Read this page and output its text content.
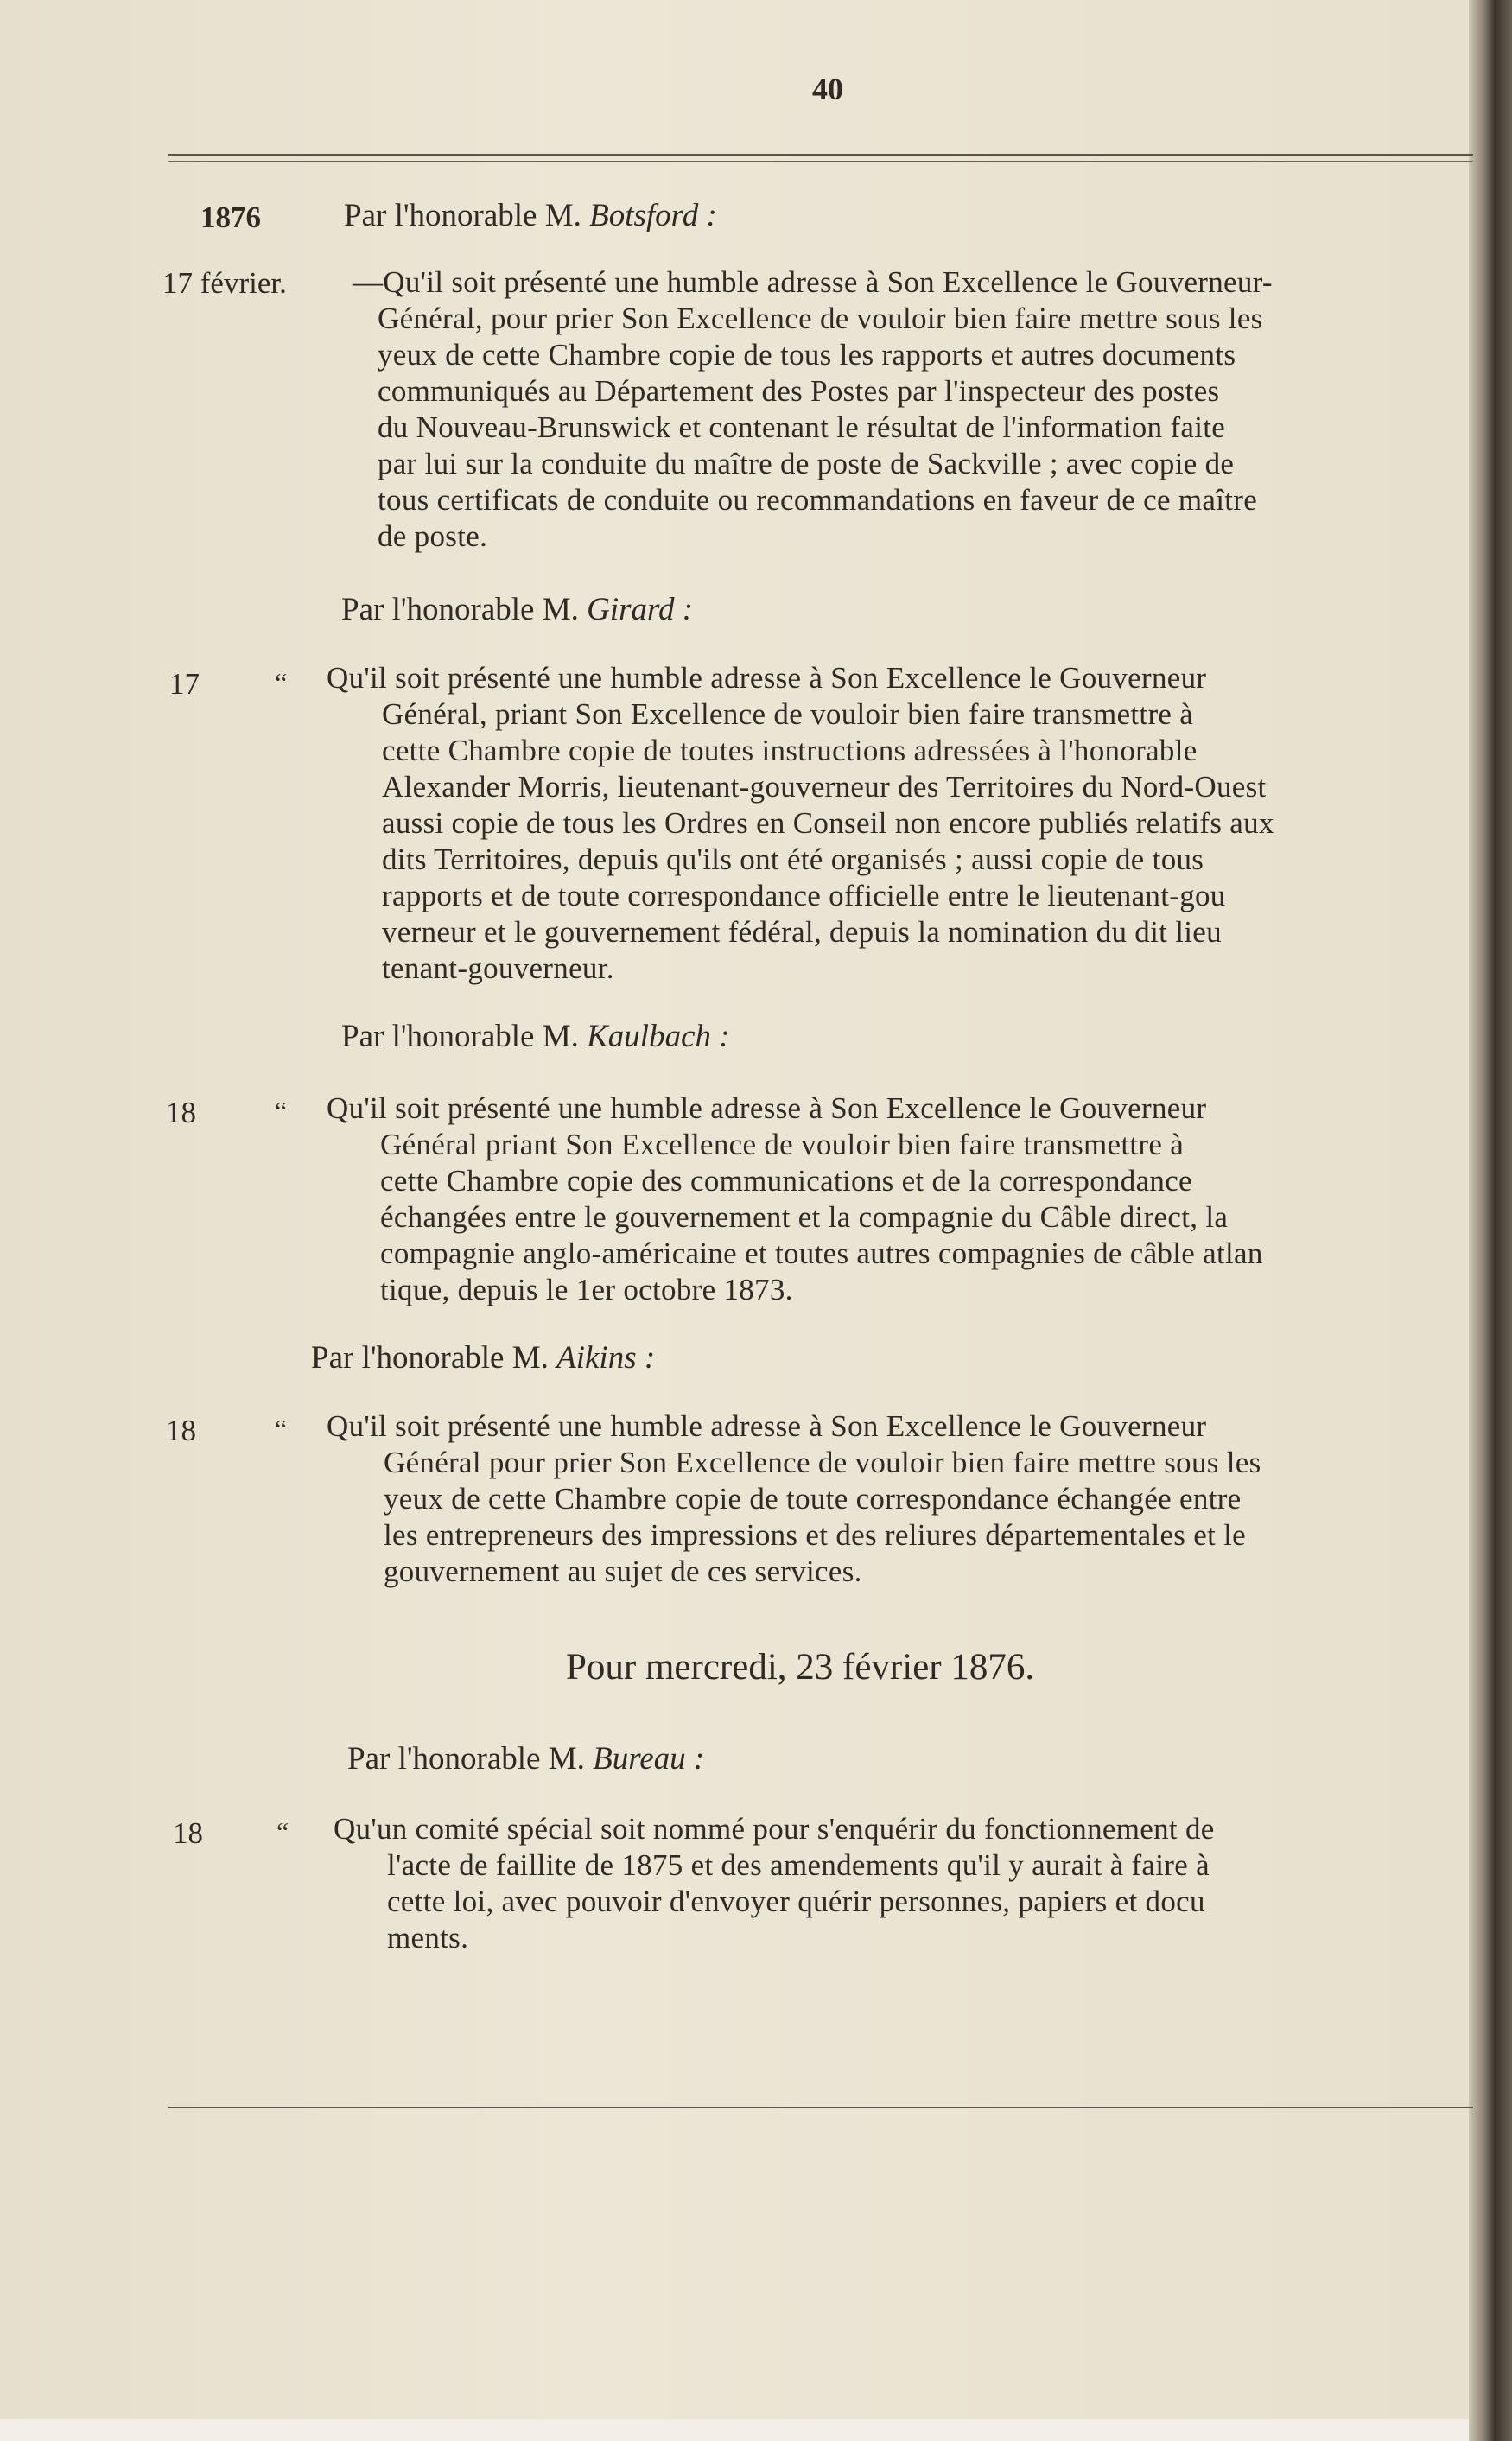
40
1876	Par l'honorable M. Botsford :
17 février. —Qu'il soit présenté une humble adresse à Son Excellence le Gouverneur-
Général, pour prier Son Excellence de vouloir bien faire mettre sous les
yeux de cette Chambre copie de tous les rapports et autres documents
communiqués au Département des Postes par l'inspecteur des postes
du Nouveau-Brunswick et contenant le résultat de l'information faite
par lui sur la conduite du maître de poste de Sackville ; avec copie de
tous certificats de conduite ou recommandations en faveur de ce maître
de poste.
Par l'honorable M. Girard :
17	“ Qu'il soit présenté une humble adresse à Son Excellence le Gouverneur
Général, priant Son Excellence de vouloir bien faire transmettre à
cette Chambre copie de toutes instructions adressées à l'honorable
Alexander Morris, lieutenant-gouverneur des Territoires du Nord-Ouest
aussi copie de tous les Ordres en Conseil non encore publiés relatifs aux
dits Territoires, depuis qu'ils ont été organisés ; aussi copie de tous
rapports et de toute correspondance officielle entre le lieutenant-gou
verneur et le gouvernement fédéral, depuis la nomination du dit lieu
tenant-gouverneur.
Par l'honorable M. Kaulbach :
18	“ Qu'il soit présenté une humble adresse à Son Excellence le Gouverneur
Général priant Son Excellence de vouloir bien faire transmettre à
cette Chambre copie des communications et de la correspondance
échangées entre le gouvernement et la compagnie du Câble direct, la
compagnie anglo-américaine et toutes autres compagnies de câble atlan
tique, depuis le 1er octobre 1873.
Par l'honorable M. Aikins :
18	“ Qu'il soit présenté une humble adresse à Son Excellence le Gouverneur
Général pour prier Son Excellence de vouloir bien faire mettre sous les
yeux de cette Chambre copie de toute correspondance échangée entre
les entrepreneurs des impressions et des reliures départementales et le
gouvernement au sujet de ces services.
Pour mercredi, 23 février 1876.
Par l'honorable M. Bureau :
18	“ Qu'un comité spécial soit nommé pour s'enquérir du fonctionnement de
l'acte de faillite de 1875 et des amendements qu'il y aurait à faire à
cette loi, avec pouvoir d'envoyer quérir personnes, papiers et docu
ments.
